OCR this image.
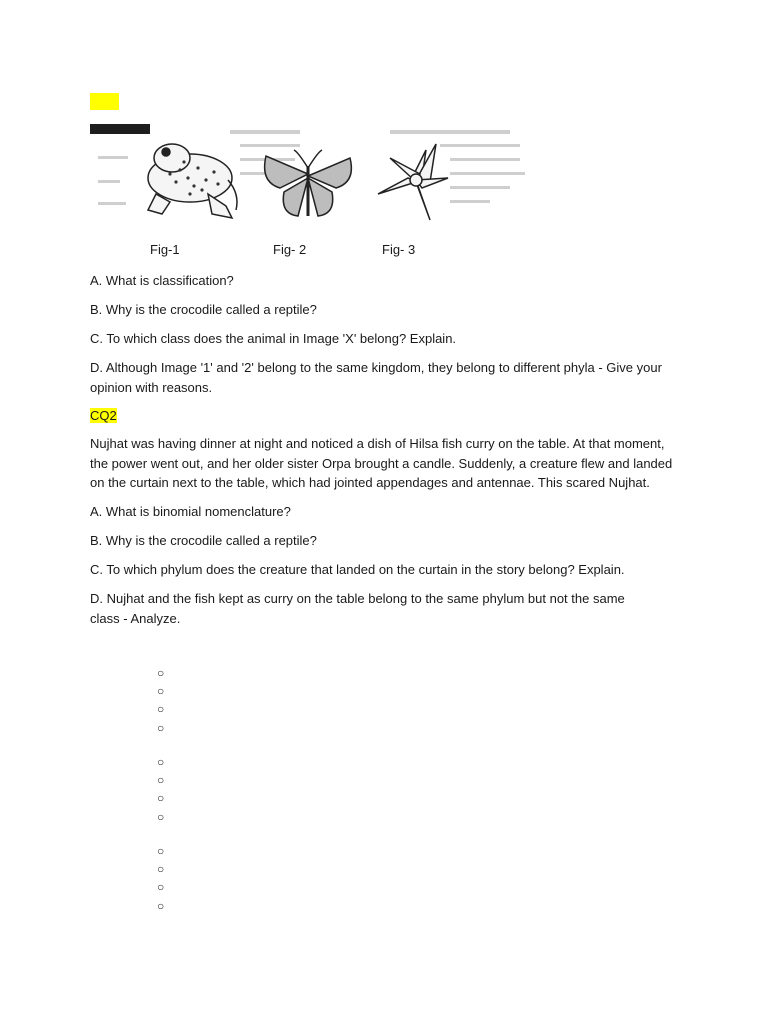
Fig-1	Fig- 2	Fig- 3

A. What is classification?

B. Why is the crocodile called a reptile?

C. To which class does the animal in Image 'X' belong? Explain.

D. Although Image '1' and '2' belong to the same kingdom, they belong to different phyla - Give your opinion with reasons.

CQ2

Nujhat was having dinner at night and noticed a dish of Hilsa fish curry on the table. At that moment, the power went out, and her older sister Orpa brought a candle. Suddenly, a creature flew and landed on the curtain next to the table, which had jointed appendages and antennae. This scared Nujhat.

A. What is binomial nomenclature?

B. Why is the crocodile called a reptile?

C. To which phylum does the creature that landed on the curtain in the story belong? Explain.

D. Nujhat and the fish kept as curry on the table belong to the same phylum but not the same class - Analyze.

○
○
○
○
○
○
○
○
○
○
○
○
